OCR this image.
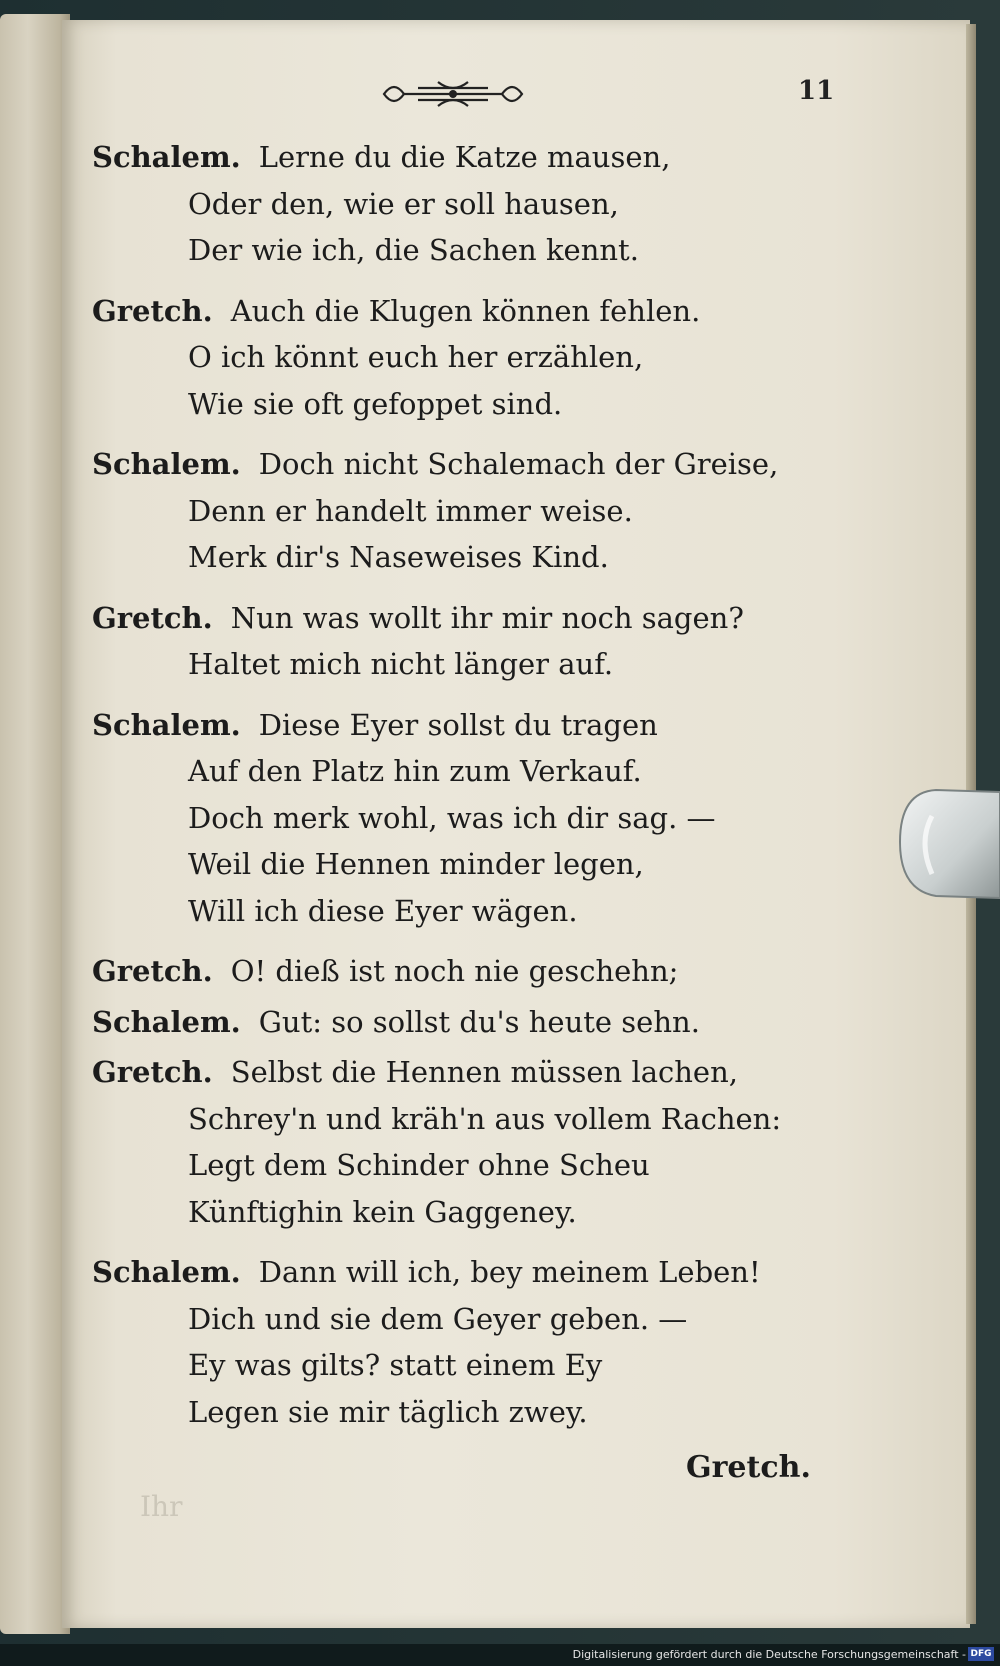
11
Schalem. Lerne du die Katze mausen,
Oder den, wie er soll hausen,
Der wie ich, die Sachen kennt.
Gretch. Auch die Klugen können fehlen.
O ich könnt euch her erzählen,
Wie sie oft gefoppet sind.
Schalem. Doch nicht Schalemach der Greise,
Denn er handelt immer weise.
Merk dir's Naseweises Kind.
Gretch. Nun was wollt ihr mir noch sagen?
Haltet mich nicht länger auf.
Schalem. Diese Eyer sollst du tragen
Auf den Platz hin zum Verkauf.
Doch merk wohl, was ich dir sag. —
Weil die Hennen minder legen,
Will ich diese Eyer wägen.
Gretch. O! dieß ist noch nie geschehn;
Schalem. Gut: so sollst du's heute sehn.
Gretch. Selbst die Hennen müssen lachen,
Schrey'n und kräh'n aus vollem Rachen:
Legt dem Schinder ohne Scheu
Künftighin kein Gaggeney.
Schalem. Dann will ich, bey meinem Leben!
Dich und sie dem Geyer geben. —
Ey was gilts? statt einem Ey
Legen sie mir täglich zwey.
Gretch.
Ihr
Digitalisierung gefördert durch die Deutsche Forschungsgemeinschaft - DFG
